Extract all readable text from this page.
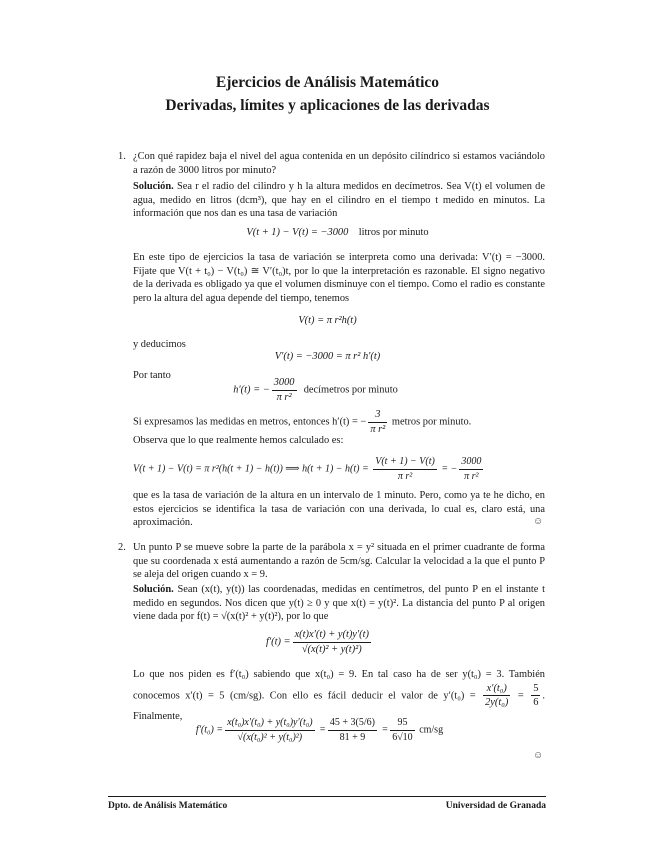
Ejercicios de Análisis Matemático
Derivadas, límites y aplicaciones de las derivadas
1. ¿Con qué rapidez baja el nivel del agua contenida en un depósito cilíndrico si estamos vaciándolo a razón de 3000 litros por minuto?
Solución. Sea r el radio del cilindro y h la altura medidos en decímetros. Sea V(t) el volumen de agua, medido en litros (dcm³), que hay en el cilindro en el tiempo t medido en minutos. La información que nos dan es una tasa de variación
V(t + 1) − V(t) = −3000 litros por minuto
En este tipo de ejercicios la tasa de variación se interpreta como una derivada: V′(t) = −3000. Fíjate que V(t + t₀) − V(t₀) ≅ V′(t₀)t, por lo que la interpretación es razonable. El signo negativo de la derivada es obligado ya que el volumen disminuye con el tiempo. Como el radio es constante pero la altura del agua depende del tiempo, tenemos
V(t) = π r²h(t)
y deducimos
V′(t) = −3000 = π r² h′(t)
Por tanto
h′(t) = − $\frac{3000}{\text{π r²}}$ decímetros por minuto
Si expresamos las medidas en metros, entonces h′(t) = − $\frac{3}{\text{π r²}}$ metros por minuto.
Observa que lo que realmente hemos calculado es:
V(t + 1) − V(t) = π r²(h(t + 1) − h(t)) ⟹ $h(t + 1) - h(t) = \frac{V(t + 1) - V(t)}{\text{π r²}}$ = − $\frac{3000}{\text{π r²}}$
que es la tasa de variación de la altura en un intervalo de 1 minuto. Pero, como ya te he dicho, en estos ejercicios se identifica la tasa de variación con una derivada, lo cual es, claro está, una aproximación.	☺
2. Un punto P se mueve sobre la parte de la parábola x = y² situada en el primer cuadrante de forma que su coordenada x está aumentando a razón de 5cm/sg. Calcular la velocidad a la que el punto P se aleja del origen cuando x = 9.
Solución. Sean (x(t), y(t)) las coordenadas, medidas en centímetros, del punto P en el instante t medido en segundos. Nos dicen que y(t) ≥ 0 y que x(t) = y(t)². La distancia del punto P al origen viene dada por f(t) = √(x(t)² + y(t)²), por lo que
$f'(t) = \frac{x(t)x'(t) + y(t)y'(t)}{\text{√(x(t)² + y(t)²)}}$
Lo que nos piden es f′(t₀) sabiendo que x(t₀) = 9. En tal caso ha de ser y(t₀) = 3. También conocemos x′(t) = 5 (cm/sg). Con ello es fácil deducir el valor de $y'(t_0) = \frac{\text{x′(t₀)}}{\text{2y(t₀)}} = \frac{5}{6}$ . Finalmente,
$f'(t_0) = \frac{\text{x(t₀)x′(t₀) + y(t₀)y′(t₀)}}{\text{√(x(t₀)² + y(t₀)²)}} = \frac{45 + 3(5/6)}{81 + 9} = \frac{95}{6√10} cm/sg$
☺
Dpto. de Análisis Matemático	Universidad de Granada
